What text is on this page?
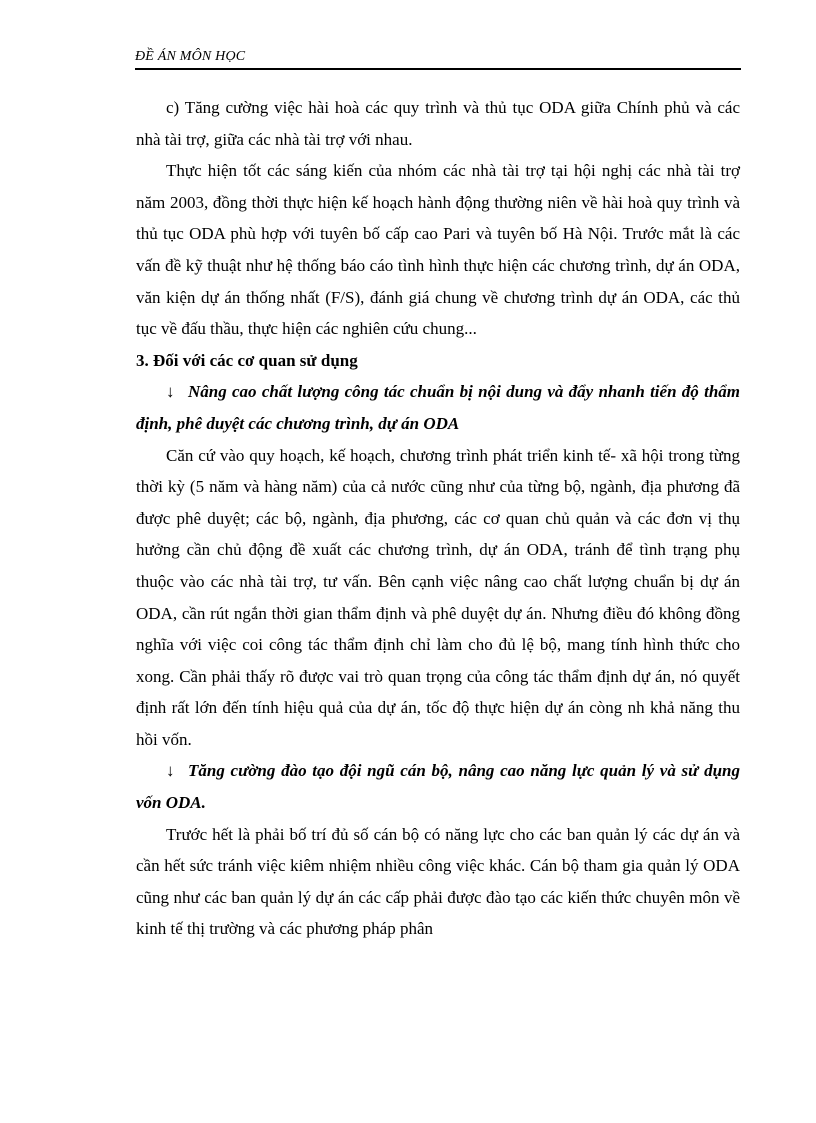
ĐỀ ÁN MÔN HỌC

c) Tăng cường việc hài hoà các quy trình và thủ tục ODA giữa Chính phủ và các nhà tài trợ, giữa các nhà tài trợ với nhau.

Thực hiện tốt các sáng kiến của nhóm các nhà tài trợ tại hội nghị các nhà tài trợ năm 2003, đồng thời thực hiện kế hoạch hành động thường niên về hài hoà quy trình và thủ tục ODA phù hợp với tuyên bố cấp cao Pari và tuyên bố Hà Nội. Trước mắt là các vấn đề kỹ thuật như hệ thống báo cáo tình hình thực hiện các chương trình, dự án ODA, văn kiện dự án thống nhất (F/S), đánh giá chung về chương trình dự án ODA, các thủ tục về đấu thầu, thực hiện các nghiên cứu chung...

3. Đối với các cơ quan sử dụng

↓ Nâng cao chất lượng công tác chuẩn bị nội dung và đẩy nhanh tiến độ thẩm định, phê duyệt các chương trình, dự án ODA

Căn cứ vào quy hoạch, kế hoạch, chương trình phát triển kinh tế- xã hội trong từng thời kỳ (5 năm và hàng năm) của cả nước cũng như của từng bộ, ngành, địa phương đã được phê duyệt; các bộ, ngành, địa phương, các cơ quan chủ quản và các đơn vị thụ hưởng cần chủ động đề xuất các chương trình, dự án ODA, tránh để tình trạng phụ thuộc vào các nhà tài trợ, tư vấn. Bên cạnh việc nâng cao chất lượng chuẩn bị dự án ODA, cần rút ngắn thời gian thẩm định và phê duyệt dự án. Nhưng điều đó không đồng nghĩa với việc coi công tác thẩm định chỉ làm cho đủ lệ bộ, mang tính hình thức cho xong. Cần phải thấy rõ được vai trò quan trọng của công tác thẩm định dự án, nó quyết định rất lớn đến tính hiệu quả của dự án, tốc độ thực hiện dự án còng nh khả năng thu hồi vốn.

↓ Tăng cường đào tạo đội ngũ cán bộ, nâng cao năng lực quản lý và sử dụng vốn ODA.

Trước hết là phải bố trí đủ số cán bộ có năng lực cho các ban quản lý các dự án và cần hết sức tránh việc kiêm nhiệm nhiều công việc khác. Cán bộ tham gia quản lý ODA cũng như các ban quản lý dự án các cấp phải được đào tạo các kiến thức chuyên môn về kinh tế thị trường và các phương pháp phân
